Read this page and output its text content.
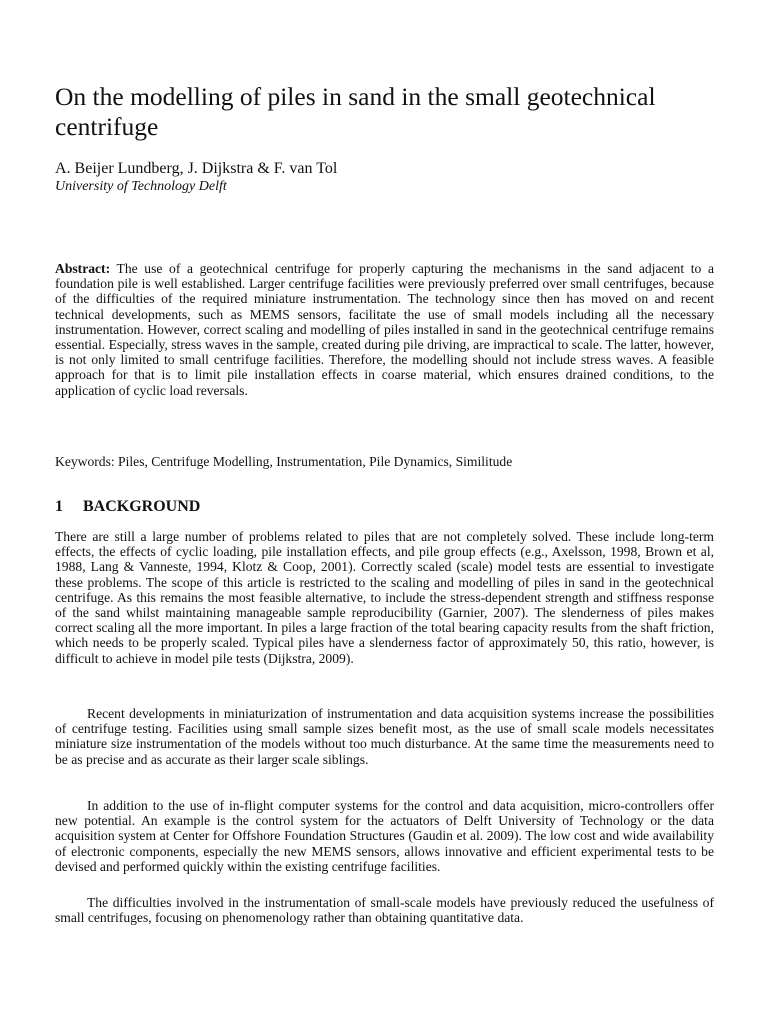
On the modelling of piles in sand in the small geotechnical centrifuge
A. Beijer Lundberg, J. Dijkstra & F. van Tol
University of Technology Delft
Abstract: The use of a geotechnical centrifuge for properly capturing the mechanisms in the sand adjacent to a foundation pile is well established. Larger centrifuge facilities were previously preferred over small centrifuges, because of the difficulties of the required miniature instrumentation. The technology since then has moved on and recent technical developments, such as MEMS sensors, facilitate the use of small models including all the necessary instrumentation. However, correct scaling and modelling of piles installed in sand in the geotechnical centrifuge remains essential. Especially, stress waves in the sample, created during pile driving, are impractical to scale. The latter, however, is not only limited to small centrifuge facilities. Therefore, the modelling should not include stress waves. A feasible approach for that is to limit pile installation effects in coarse material, which ensures drained conditions, to the application of cyclic load reversals.
Keywords: Piles, Centrifuge Modelling, Instrumentation, Pile Dynamics, Similitude
1 BACKGROUND

There are still a large number of problems related to piles that are not completely solved. These include long-term effects, the effects of cyclic loading, pile installation effects, and pile group effects (e.g., Axelsson, 1998, Brown et al, 1988, Lang & Vanneste, 1994, Klotz & Coop, 2001). Correctly scaled (scale) model tests are essential to investigate these problems. The scope of this article is restricted to the scaling and modelling of piles in sand in the geotechnical centrifuge. As this remains the most feasible alternative, to include the stress-dependent strength and stiffness response of the sand whilst maintaining manageable sample reproducibility (Garnier, 2007). The slenderness of piles makes correct scaling all the more important. In piles a large fraction of the total bearing capacity results from the shaft friction, which needs to be properly scaled. Typical piles have a slenderness factor of approximately 50, this ratio, however, is difficult to achieve in model pile tests (Dijkstra, 2009).

Recent developments in miniaturization of instrumentation and data acquisition systems increase the possibilities of centrifuge testing. Facilities using small sample sizes benefit most, as the use of small scale models necessitates miniature size instrumentation of the models without too much disturbance. At the same time the measurements need to be as precise and as accurate as their larger scale siblings.

In addition to the use of in-flight computer systems for the control and data acquisition, micro-controllers offer new potential. An example is the control system for the actuators of Delft University of Technology or the data acquisition system at Center for Offshore Foundation Structures (Gaudin et al. 2009). The low cost and wide availability of electronic components, especially the new MEMS sensors, allows innovative and efficient experimental tests to be devised and performed quickly within the existing centrifuge facilities.

The difficulties involved in the instrumentation of small-scale models have previously reduced the usefulness of small centrifuges, focusing on phenomenology rather than obtaining quantitative data.
